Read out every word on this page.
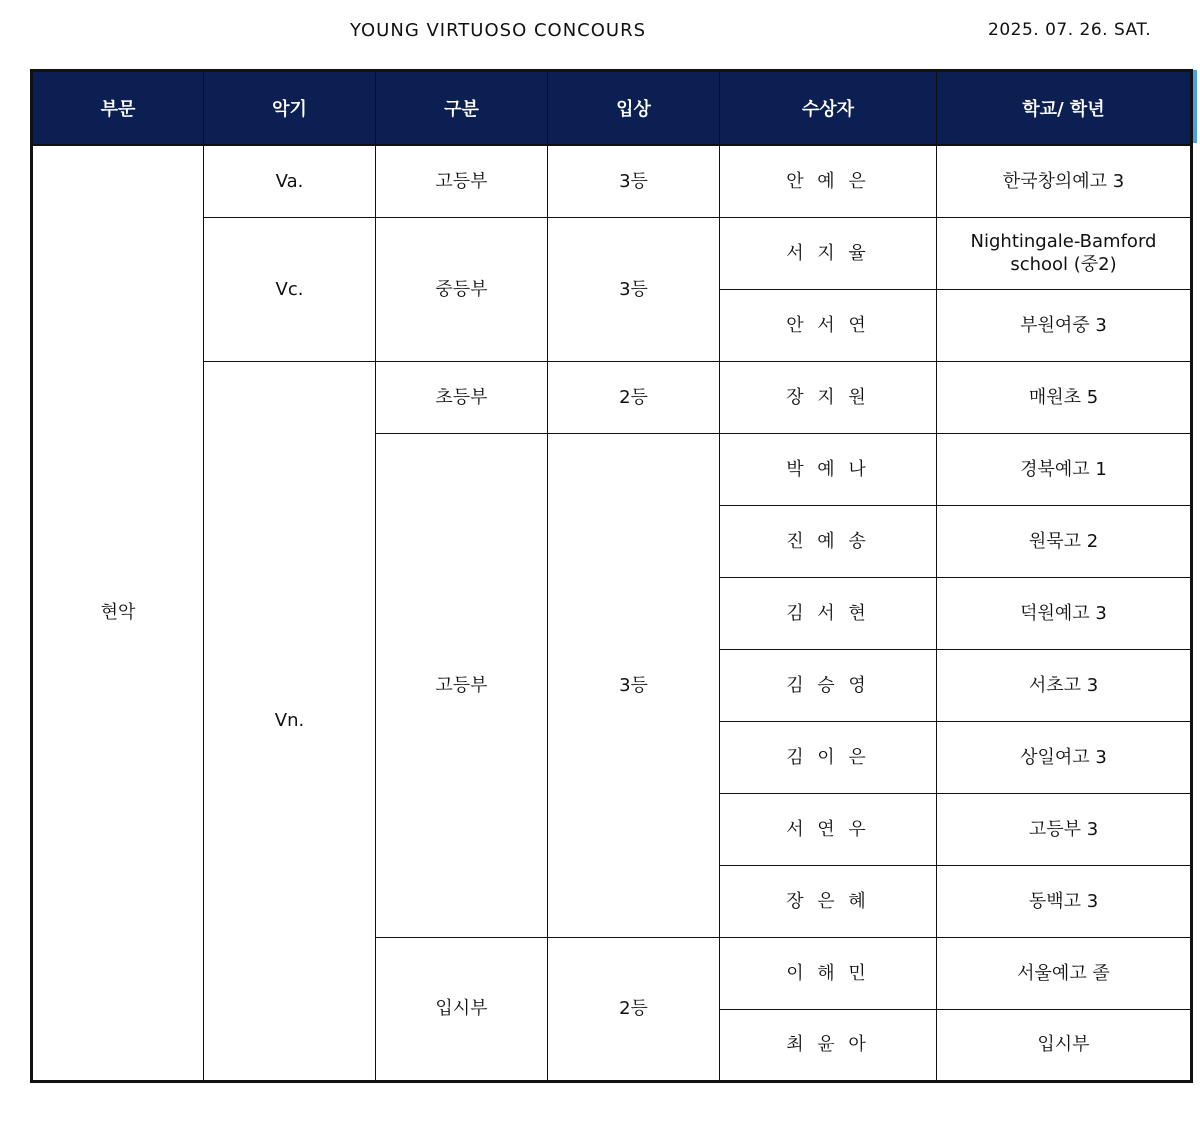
YOUNG VIRTUOSO CONCOURS	2025. 07. 26. SAT.
부문	악기	구분	입상	수상자	학교/ 학년
현악	Va.	고등부	3등	안 예 은	한국창의예고 3
	Vc.	중등부	3등	서 지 율	Nightingale-Bamford school (중2)
				안 서 연	부원여중 3
	Vn.	초등부	2등	장 지 원	매원초 5
		고등부	3등	박 예 나	경북예고 1
				진 예 송	원묵고 2
				김 서 현	덕원예고 3
				김 승 영	서초고 3
				김 이 은	상일여고 3
				서 연 우	고등부 3
				장 은 혜	동백고 3
		입시부	2등	이 해 민	서울예고 졸
				최 윤 아	입시부
